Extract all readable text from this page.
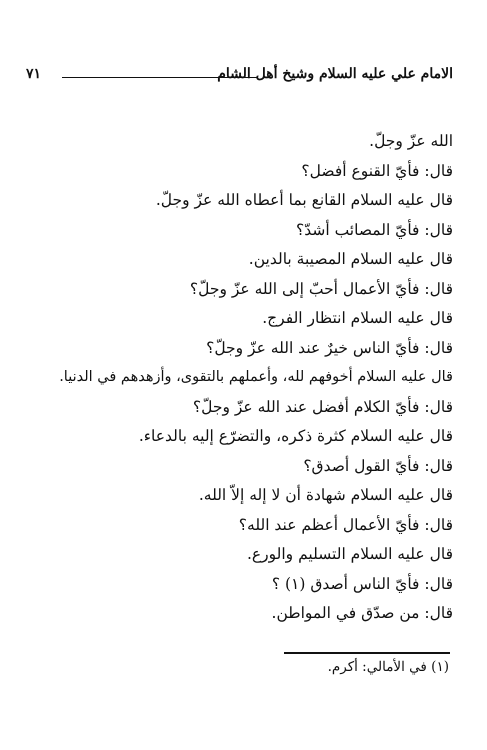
الامام علي عليه السلام وشيخ أهل الشام
٧١
الله عزّ وجلّ.
قال: فأيّ القنوع أفضل؟
قال عليه السلام القانع بما أعطاه الله عزّ وجلّ.
قال: فأيّ المصائب أشدّ؟
قال عليه السلام المصيبة بالدين.
قال: فأيّ الأعمال أحبّ إلى الله عزّ وجلّ؟
قال عليه السلام انتظار الفرج.
قال: فأيّ الناس خيرٌ عند الله عزّ وجلّ؟
قال عليه السلام أخوفهم لله، وأعملهم بالتقوى، وأزهدهم في الدنيا.
قال: فأيّ الكلام أفضل عند الله عزّ وجلّ؟
قال عليه السلام كثرة ذكره، والتضرّع إليه بالدعاء.
قال: فأيّ القول أصدق؟
قال عليه السلام شهادة أن لا إله إلاّ الله.
قال: فأيّ الأعمال أعظم عند الله؟
قال عليه السلام التسليم والورع.
قال: فأيّ الناس أصدق (١) ؟
قال: من صدّق في المواطن.
(١) في الأمالي: أكرم.
